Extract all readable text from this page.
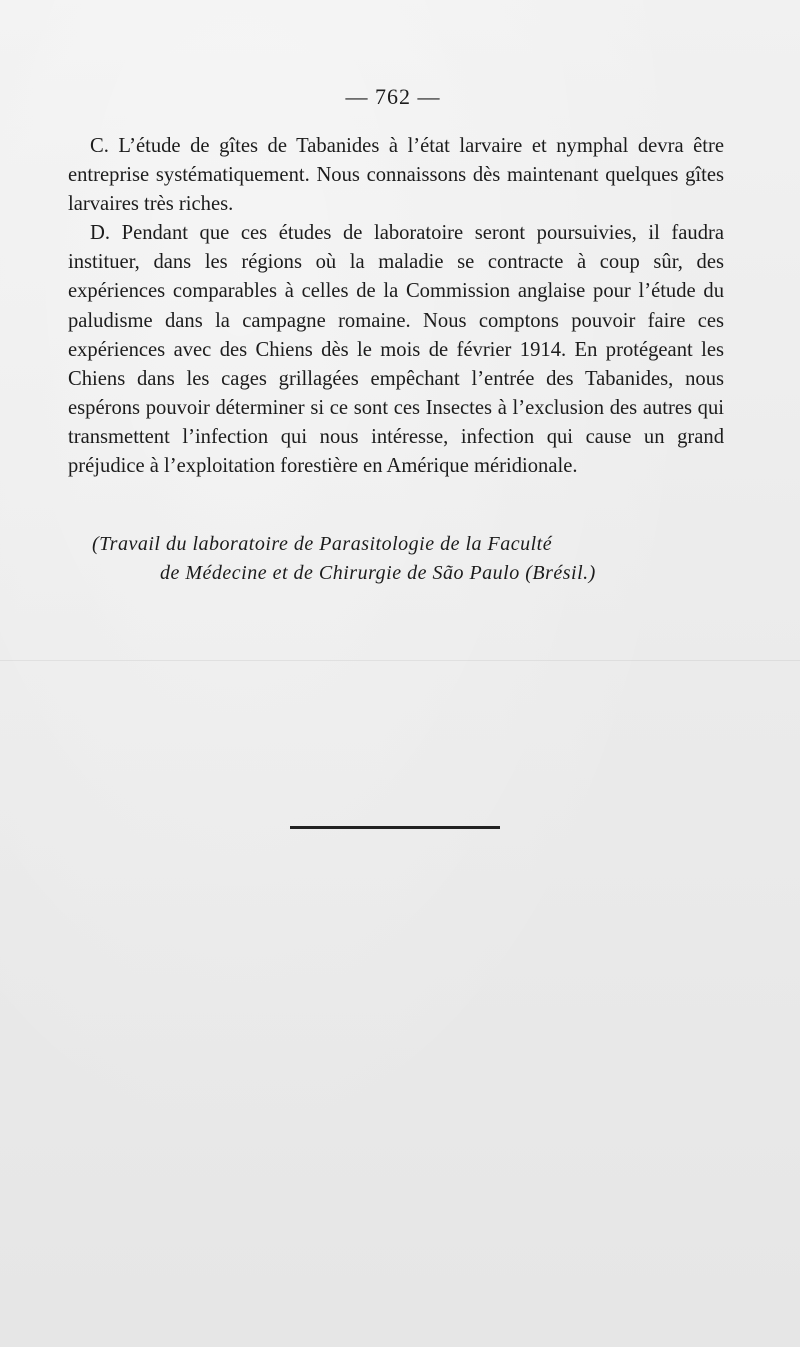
— 762 —

C. L’étude de gîtes de Tabanides à l’état larvaire et nymphal devra être entreprise systématiquement. Nous connaissons dès maintenant quelques gîtes larvaires très riches.

D. Pendant que ces études de laboratoire seront poursuivies, il faudra instituer, dans les régions où la maladie se contracte à coup sûr, des expériences comparables à celles de la Commission anglaise pour l’étude du paludisme dans la campagne romaine. Nous comptons pouvoir faire ces expériences avec des Chiens dès le mois de février 1914. En protégeant les Chiens dans les cages grillagées empêchant l’entrée des Tabanides, nous espérons pouvoir déterminer si ce sont ces Insectes à l’exclusion des autres qui transmettent l’infection qui nous intéresse, infection qui cause un grand préjudice à l’exploitation forestière en Amérique méridionale.

(Travail du laboratoire de Parasitologie de la Faculté
de Médecine et de Chirurgie de São Paulo (Brésil.)
